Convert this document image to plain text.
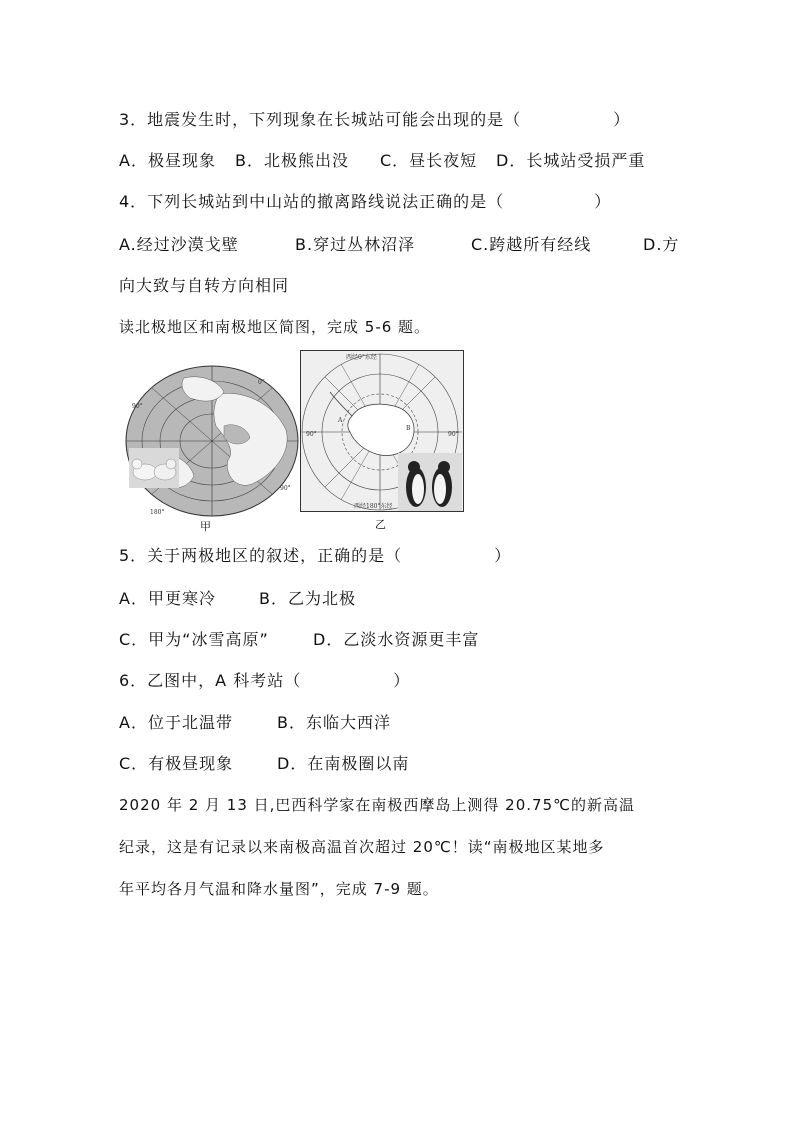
3．地震发生时，下列现象在长城站可能会出现的是（	）
A．极昼现象	B．北极熊出没	C．昼长夜短	D．长城站受损严重
4．下列长城站到中山站的撤离路线说法正确的是（	）
A.经过沙漠戈壁	B.穿过丛林沼泽	C.跨越所有经线	D.方
向大致与自转方向相同
读北极地区和南极地区简图，完成 5-6 题。
0°
90°
90°
180°
甲
西经0°东经
西经180°东经
90°	90°
A
B
乙
5．关于两极地区的叙述，正确的是（	）
A．甲更寒冷	B．乙为北极
C．甲为“冰雪高原”	D．乙淡水资源更丰富
6．乙图中，A 科考站（	）
A．位于北温带	B．东临大西洋
C．有极昼现象	D．在南极圈以南
2020 年 2 月 13 日,巴西科学家在南极西摩岛上测得 20.75℃的新高温
纪录，这是有记录以来南极高温首次超过 20℃！读“南极地区某地多
年平均各月气温和降水量图”，完成 7-9 题。
